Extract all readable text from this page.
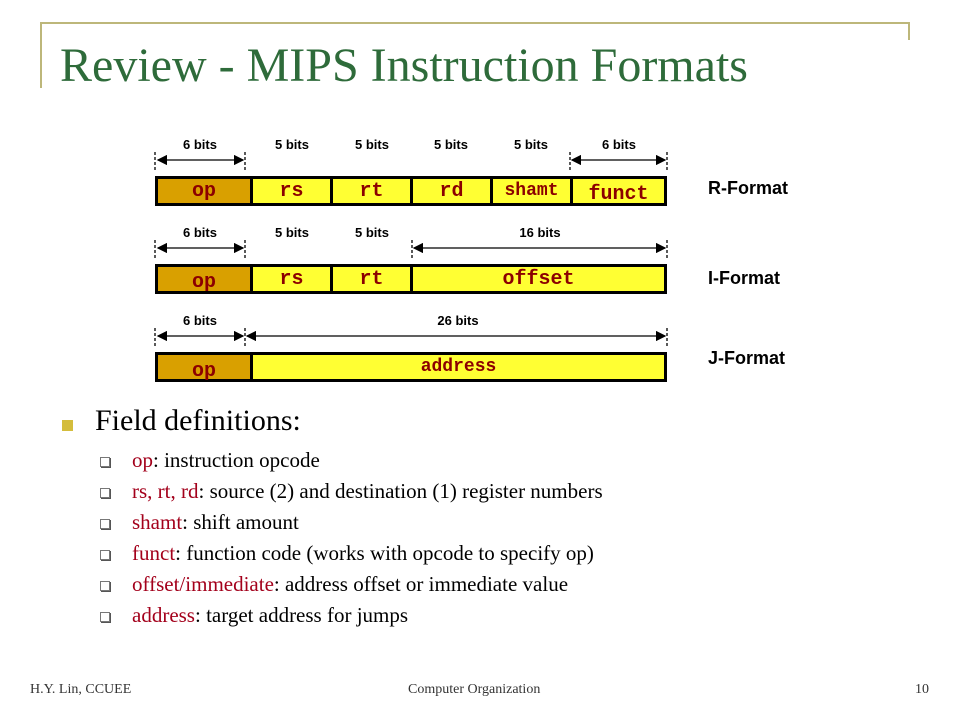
Review - MIPS Instruction Formats
6 bits	5 bits	5 bits	5 bits	5 bits	6 bits
op	rs	rt	rd	shamt	funct	R-Format
6 bits	5 bits	5 bits	16 bits
op	rs	rt	offset	I-Format
6 bits	26 bits
op	address	J-Format
Field definitions:
op: instruction opcode
rs, rt, rd: source (2) and destination (1) register numbers
shamt: shift amount
funct: function code (works with opcode to specify op)
offset/immediate: address offset or immediate value
address: target address for jumps
H.Y. Lin, CCUEE	Computer Organization	10
